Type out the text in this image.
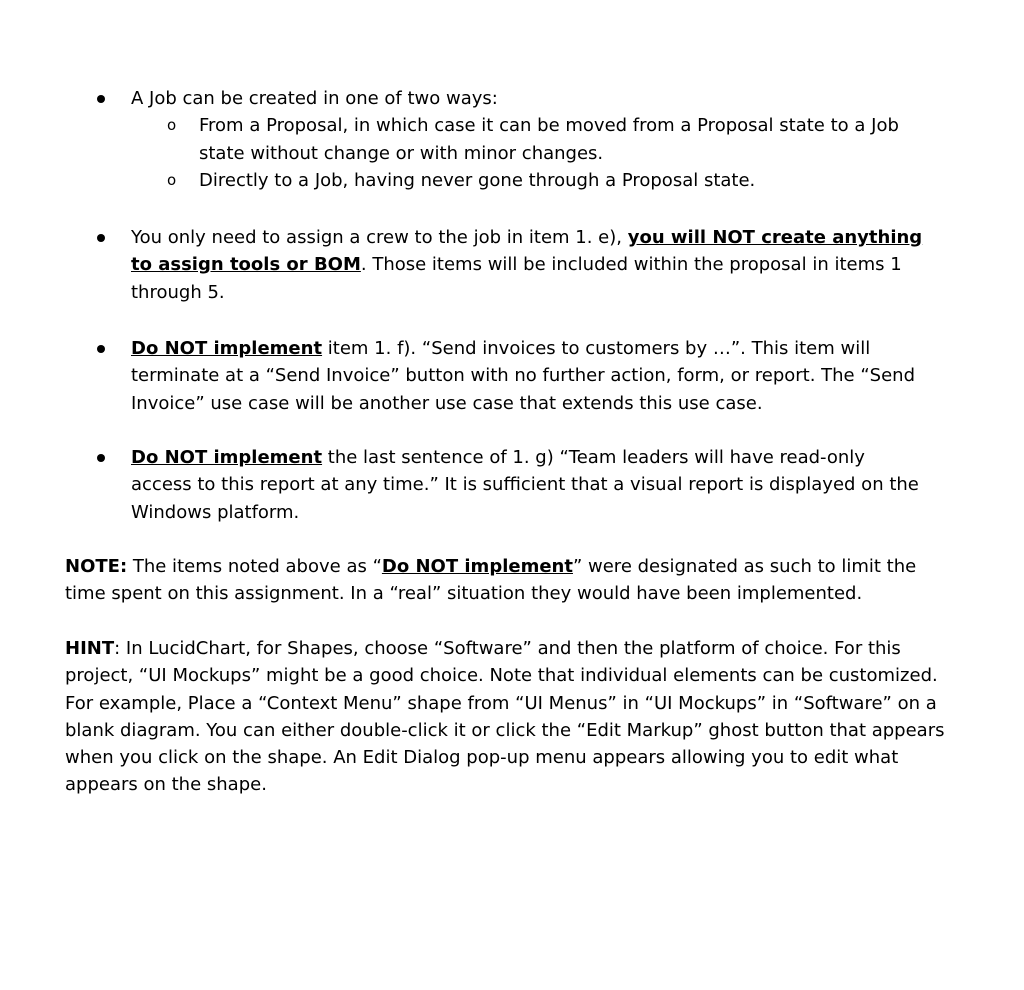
A Job can be created in one of two ways:
o From a Proposal, in which case it can be moved from a Proposal state to a Job state without change or with minor changes.
o Directly to a Job, having never gone through a Proposal state.
You only need to assign a crew to the job in item 1. e), you will NOT create anything to assign tools or BOM. Those items will be included within the proposal in items 1 through 5.
Do NOT implement item 1. f). “Send invoices to customers by …”. This item will terminate at a “Send Invoice” button with no further action, form, or report. The “Send Invoice” use case will be another use case that extends this use case.
Do NOT implement the last sentence of 1. g) “Team leaders will have read-only access to this report at any time.” It is sufficient that a visual report is displayed on the Windows platform.
NOTE: The items noted above as “Do NOT implement” were designated as such to limit the time spent on this assignment. In a “real” situation they would have been implemented.
HINT: In LucidChart, for Shapes, choose “Software” and then the platform of choice. For this project, “UI Mockups” might be a good choice. Note that individual elements can be customized. For example, Place a “Context Menu” shape from “UI Menus” in “UI Mockups” in “Software” on a blank diagram. You can either double-click it or click the “Edit Markup” ghost button that appears when you click on the shape. An Edit Dialog pop-up menu appears allowing you to edit what appears on the shape.
